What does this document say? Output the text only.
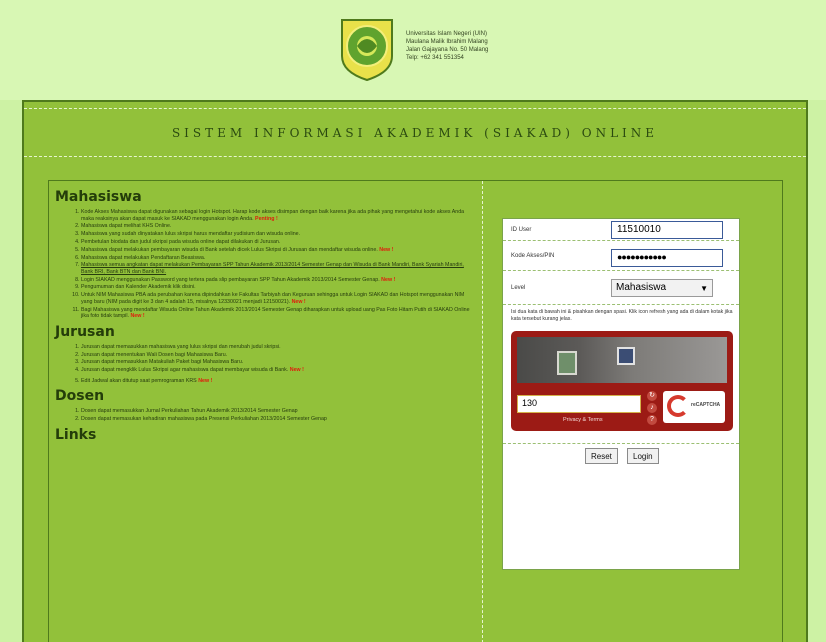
Universitas Islam Negeri (UIN)
Maulana Malik Ibrahim Malang
Jalan Gajayana No. 50 Malang
Telp: +62 341 551354
SISTEM INFORMASI AKADEMIK (SIAKAD) ONLINE
Mahasiswa
1. Kode Akses Mahasiswa dapat digunakan sebagai login Hotspot. Harap kode akses disimpan dengan baik karena jika ada pihak yang mengetahui kode akses Anda maka reaksinya akan dapat masuk ke SIAKAD menggunakan login Anda. Penting !
2. Mahasiswa dapat melihat KHS Online.
3. Mahasiswa yang sudah dinyatakan lulus skripsi harus mendaftar yudisium dan wisuda online.
4. Pembetulan biodata dan judul skripsi pada wisuda online dapat dilakukan di Jurusan.
5. Mahasiswa dapat melakukan pembayaran wisuda di Bank setelah dicek Lulus Skripsi di Jurusan dan mendaftar wisuda online. New !
6. Mahasiswa dapat melakukan Pendaftaran Beasiswa.
7. Mahasiswa semua angkatan dapat melakukan Pembayaran SPP Tahun Akademik 2013/2014 Semester Genap dan Wisuda di Bank Mandiri, Bank Syariah Mandiri, Bank BRI, Bank BTN dan Bank BNI.
8. Login SIAKAD menggunakan Password yang tertera pada slip pembayaran SPP Tahun Akademik 2013/2014 Semester Genap. New !
9. Pengumuman dan Kalender Akademik klik disini.
10. Untuk NIM Mahasiswa PBA ada perubahan karena dipindahkan ke Fakultas Tarbiyah dan Keguruan sehingga untuk Login SIAKAD dan Hotspot menggunakan NIM yang baru (NIM pada digit ke 3 dan 4 adalah 15, misalnya 12330021 menjadi 12150021). New !
11. Bagi Mahasiswa yang mendaftar Wisuda Online Tahun Akademik 2013/2014 Semester Genap diharapkan untuk upload uang Pas Foto Hitam Putih di SIAKAD Online jika foto tidak tampil. New !
Jurusan
1. Jurusan dapat memasukkan mahasiswa yang lulus skripsi dan merubah judul skripsi.
2. Jurusan dapat menentukan Wali Dosen bagi Mahasiswa Baru.
3. Jurusan dapat memasukkan Matakuliah Paket bagi Mahasiswa Baru.
4. Jurusan dapat mengklik Lulus Skripsi agar mahasiswa dapat membayar wisuda di Bank. New !
5. Edit Jadwal akan ditutup saat pemrograman KRS New !
Dosen
1. Dosen dapat memasukkan Jurnal Perkuliahan Tahun Akademik 2013/2014 Semester Genap
2. Dosen dapat memasukan kehadiran mahasiswa pada Presensi Perkuliahan 2013/2014 Semester Genap
Links
ID User	11510010
Kode Akses/PIN	●●●●●●●●●●●
Level	Mahasiswa	▼
Isi dua kata di bawah ini & pisahkan dengan spasi. Klik icon refresh yang ada di dalam kotak jika kata tersebut kurang jelas.
130
Privacy & Terms
↻
♪
?
reCAPTCHA
Reset	Login
